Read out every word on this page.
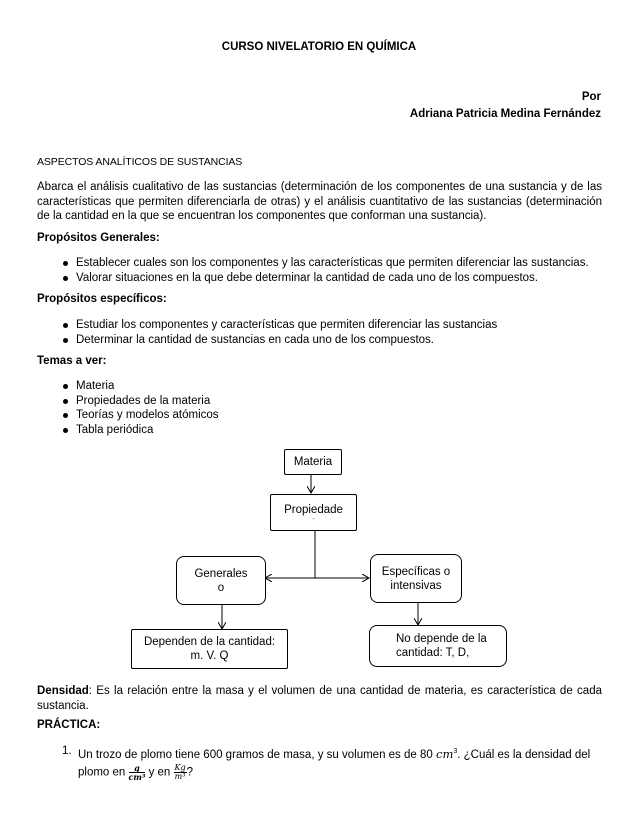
CURSO NIVELATORIO EN QUÍMICA
Por
Adriana Patricia Medina Fernández
ASPECTOS ANALÍTICOS DE SUSTANCIAS
Abarca el análisis cualitativo de las sustancias (determinación de los componentes de una sustancia y de las características que permiten diferenciarla de otras) y el análisis cuantitativo de las sustancias (determinación de la cantidad en la que se encuentran los componentes que conforman una sustancia).
Propósitos Generales:
Establecer cuales son los componentes y las características que permiten diferenciar las sustancias.
Valorar situaciones en la que debe determinar la cantidad de cada uno de los compuestos.
Propósitos específicos:
Estudiar los componentes y características que permiten diferenciar las sustancias
Determinar la cantidad de sustancias en cada uno de los compuestos.
Temas a ver:
Materia
Propiedades de la materia
Teorías y modelos atómicos
Tabla periódica
Materia
Propiedade
-
Generales
o
Específicas o
intensivas
Dependen de la cantidad:
m. V. Q
No depende de la
cantidad: T, D,
Densidad: Es la relación entre la masa y el volumen de una cantidad de materia, es característica de cada sustancia.
PRÁCTICA:
1. Un trozo de plomo tiene 600 gramos de masa, y su volumen es de 80 $cm^3$. ¿Cuál es la densidad del
plomo en $\frac{g}{\text{cm³}}$ y en $\frac{Kg}{\text{m³}}$ ?
